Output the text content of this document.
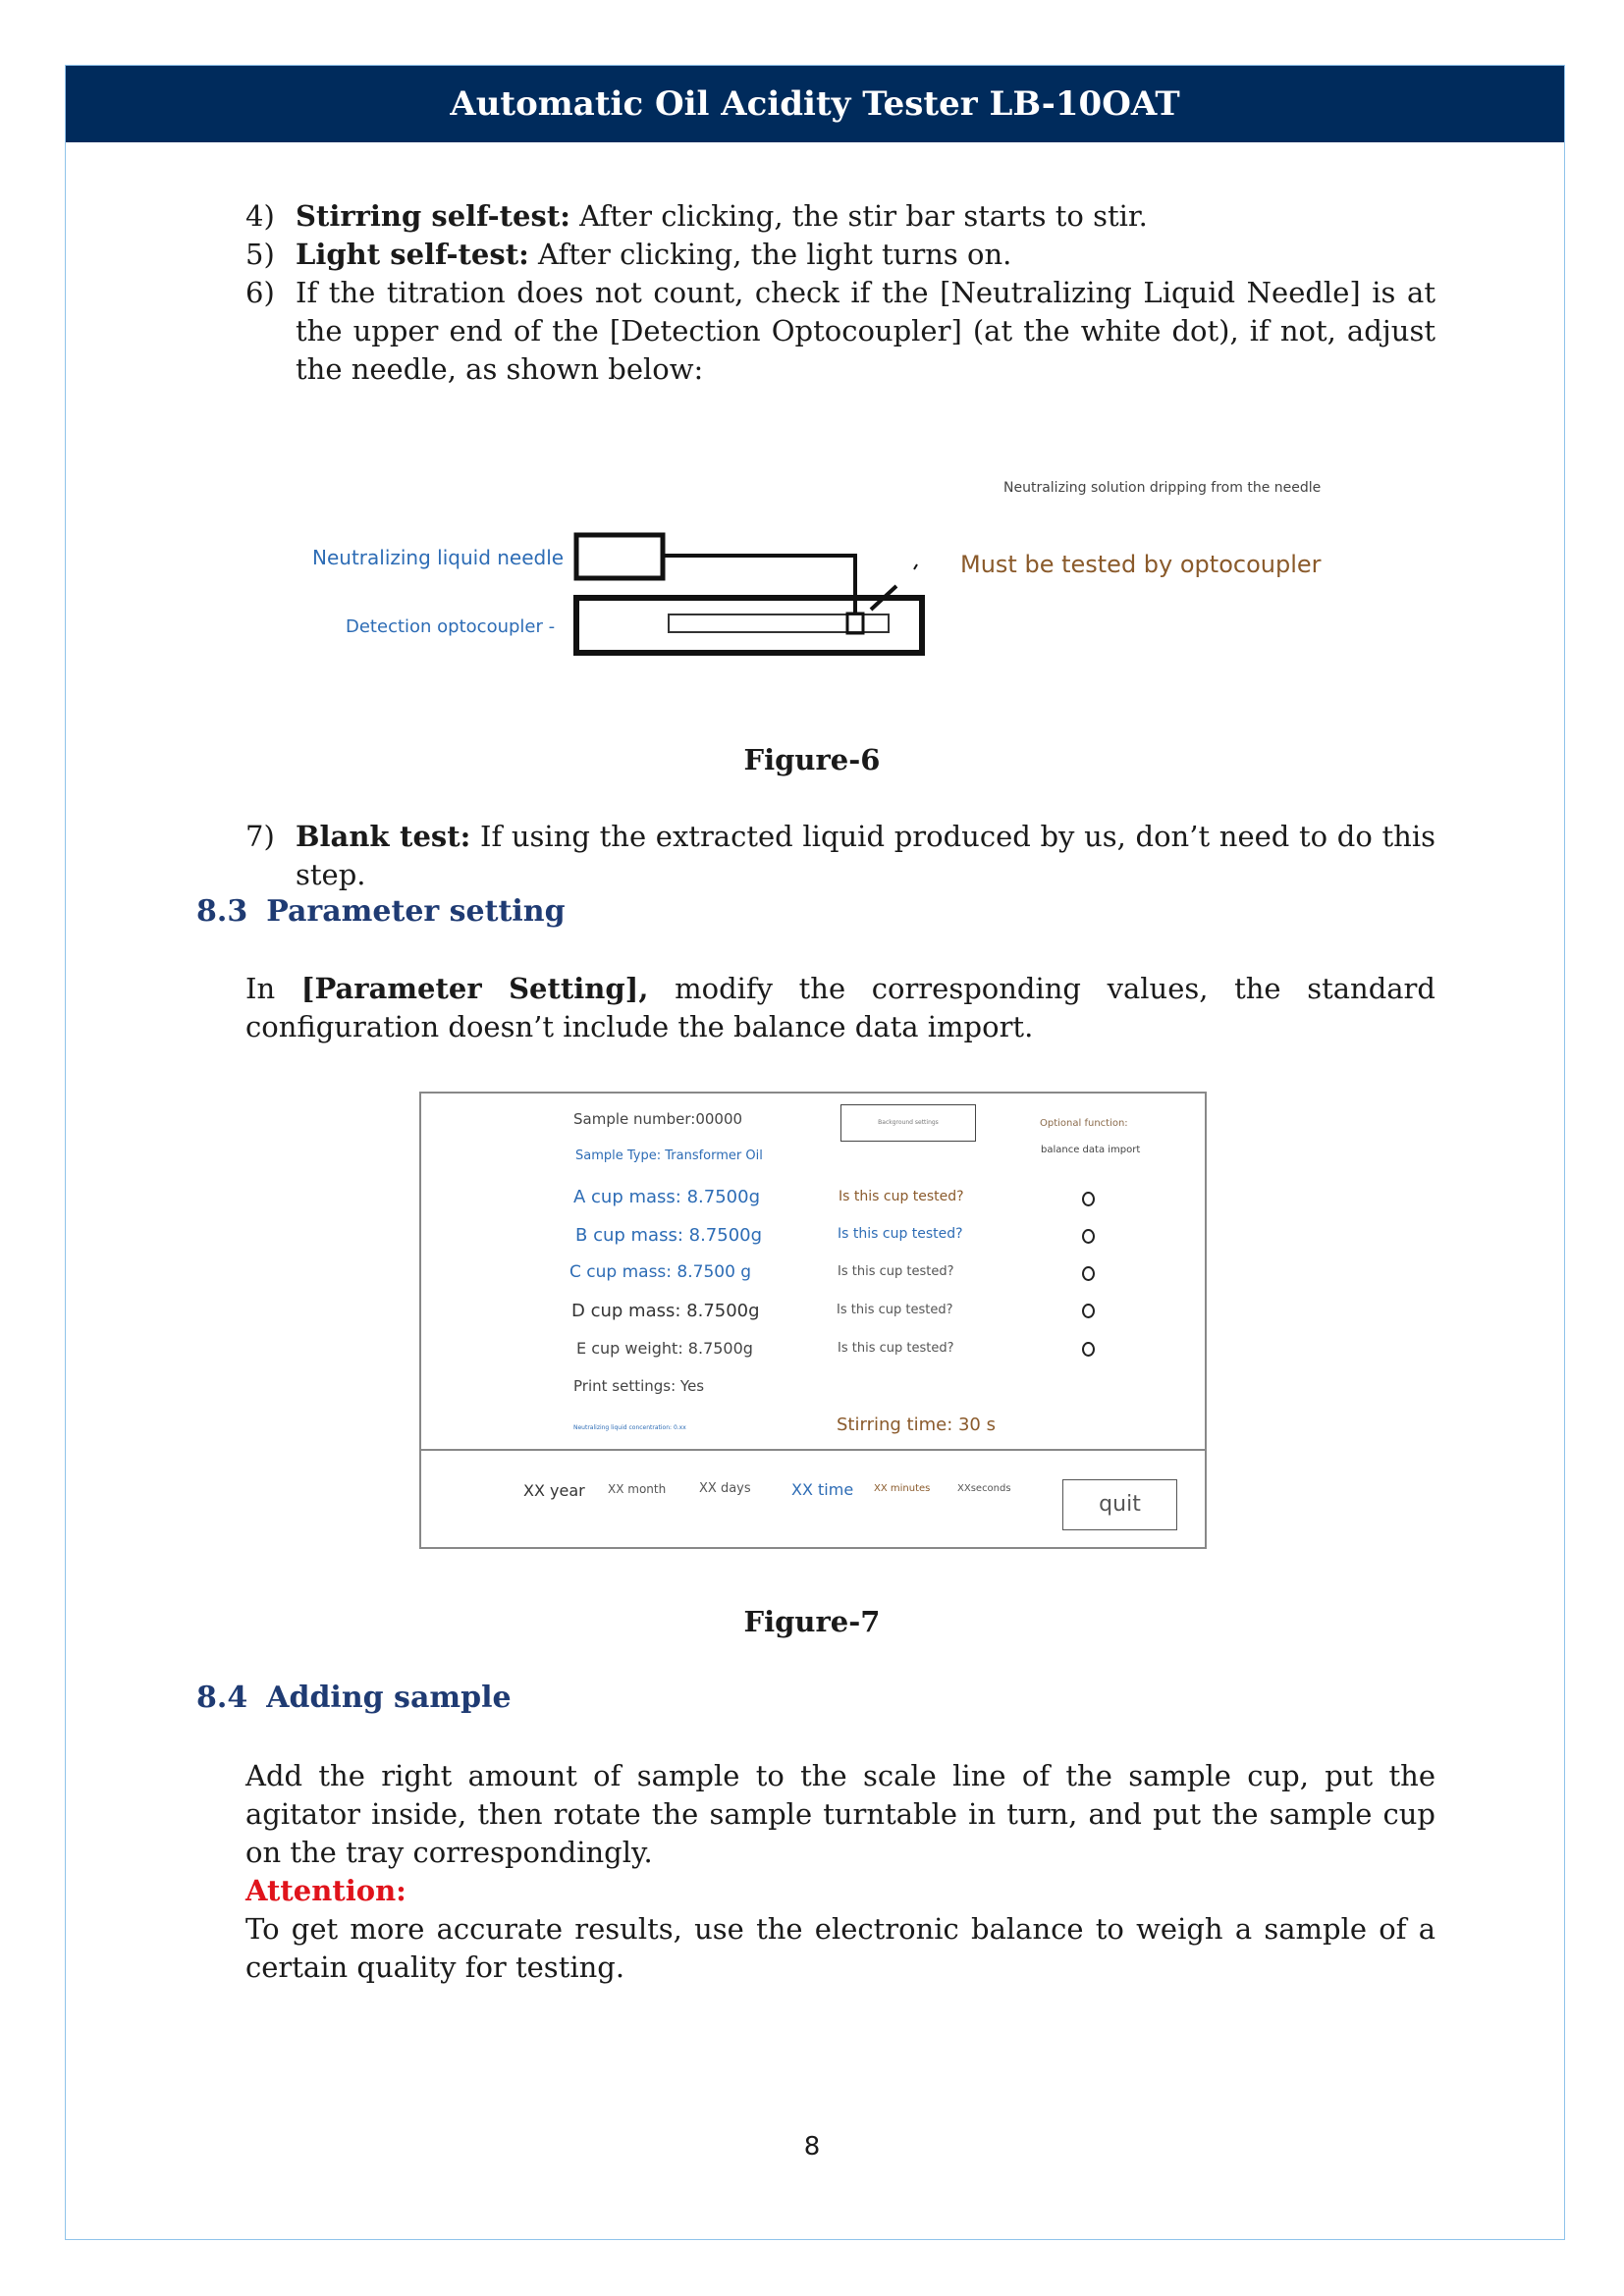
Automatic Oil Acidity Tester LB-10OAT
4) Stirring self-test: After clicking, the stir bar starts to stir.
5) Light self-test: After clicking, the light turns on.
6) If the titration does not count, check if the [Neutralizing Liquid Needle] is at the upper end of the [Detection Optocoupler] (at the white dot), if not, adjust the needle, as shown below:
Neutralizing liquid needle
Detection optocoupler -
Neutralizing solution dripping from the needle
Must be tested by optocoupler
Figure-6
7) Blank test: If using the extracted liquid produced by us, don’t need to do this step.
8.3 Parameter setting
In [Parameter Setting], modify the corresponding values, the standard configuration doesn’t include the balance data import.
Sample number:00000	Background settings	Optional function:
balance data import
Sample Type: Transformer Oil
A cup mass: 8.7500g	Is this cup tested?
B cup mass: 8.7500g	Is this cup tested?
C cup mass: 8.7500 g	Is this cup tested?
D cup mass: 8.7500g	Is this cup tested?
E cup weight: 8.7500g	Is this cup tested?
Print settings: Yes
Neutralizing liquid concentration: 0.xx	Stirring time: 30 s
XX year XX month	XX days	XX time XX minutes	XXseconds
quit
Figure-7
8.4 Adding sample
Add the right amount of sample to the scale line of the sample cup, put the agitator inside, then rotate the sample turntable in turn, and put the sample cup on the tray correspondingly.
Attention:
To get more accurate results, use the electronic balance to weigh a sample of a certain quality for testing.
8
